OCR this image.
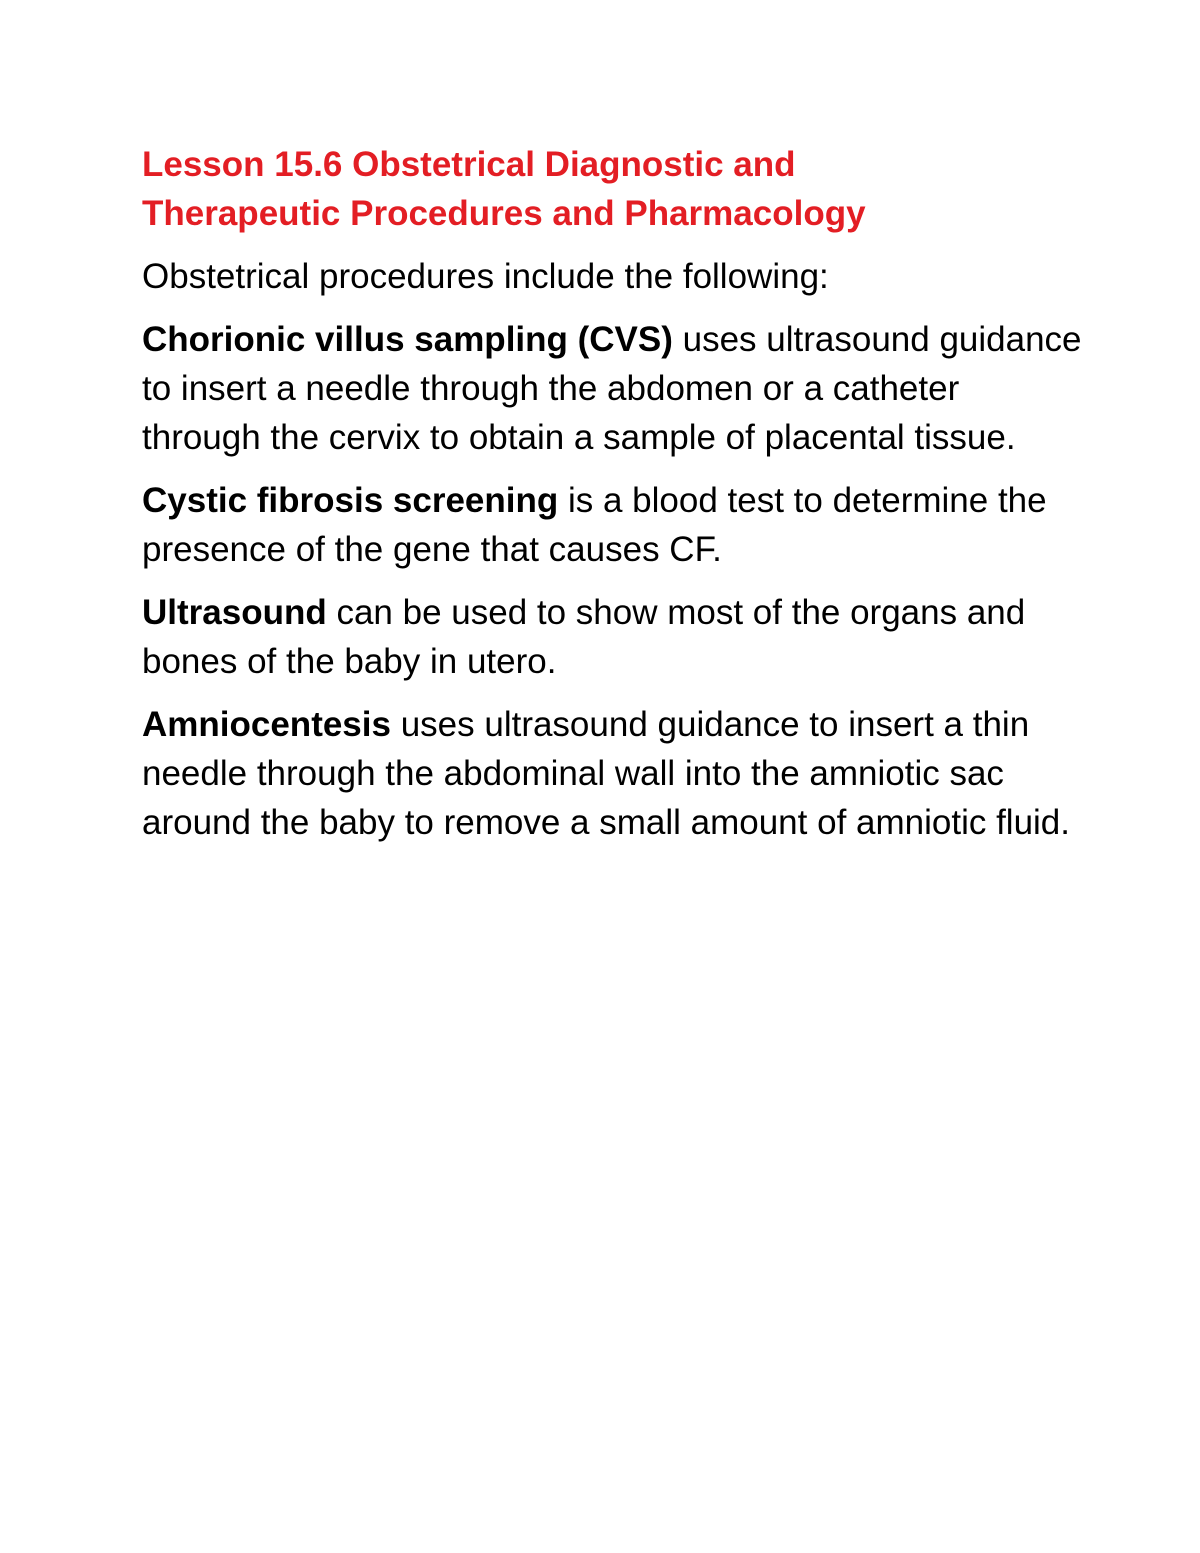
Lesson 15.6 Obstetrical Diagnostic and
Therapeutic Procedures and Pharmacology

Obstetrical procedures include the following:

Chorionic villus sampling (CVS) uses ultrasound guidance to insert a needle through the abdomen or a catheter through the cervix to obtain a sample of placental tissue.

Cystic fibrosis screening is a blood test to determine the presence of the gene that causes CF.

Ultrasound can be used to show most of the organs and bones of the baby in utero.

Amniocentesis uses ultrasound guidance to insert a thin needle through the abdominal wall into the amniotic sac around the baby to remove a small amount of amniotic fluid.
